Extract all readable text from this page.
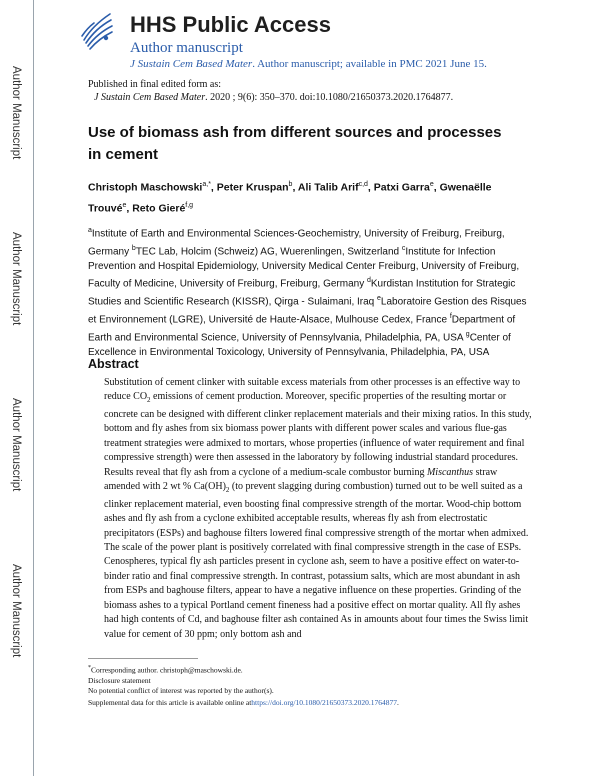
Author Manuscript
Author Manuscript
Author Manuscript
Author Manuscript
HHS Public Access
Author manuscript
J Sustain Cem Based Mater. Author manuscript; available in PMC 2021 June 15.
Published in final edited form as:
J Sustain Cem Based Mater. 2020 ; 9(6): 350–370. doi:10.1080/21650373.2020.1764877.
Use of biomass ash from different sources and processes in cement
Christoph Maschowski$^{a,*}$, Peter Kruspan$^b$, Ali Talib Arif$^{c,d}$, Patxi Garra$^e$, Gwenaëlle Trouvé$^e$, Reto Gieré$^{f,g}$
$^a$Institute of Earth and Environmental Sciences-Geochemistry, University of Freiburg, Freiburg, Germany $^b$TEC Lab, Holcim (Schweiz) AG, Wuerenlingen, Switzerland $^c$Institute for Infection Prevention and Hospital Epidemiology, University Medical Center Freiburg, University of Freiburg, Faculty of Medicine, University of Freiburg, Freiburg, Germany $^d$Kurdistan Institution for Strategic Studies and Scientific Research (KISSR), Qirga - Sulaimani, Iraq $^e$Laboratoire Gestion des Risques et Environnement (LGRE), Université de Haute-Alsace, Mulhouse Cedex, France $^f$Department of Earth and Environmental Science, University of Pennsylvania, Philadelphia, PA, USA $^g$Center of Excellence in Environmental Toxicology, University of Pennsylvania, Philadelphia, PA, USA
Abstract
Substitution of cement clinker with suitable excess materials from other processes is an effective way to reduce $CO_2$ emissions of cement production. Moreover, specific properties of the resulting mortar or concrete can be designed with different clinker replacement materials and their mixing ratios. In this study, bottom and fly ashes from six biomass power plants with different power scales and various flue-gas treatment strategies were admixed to mortars, whose properties (influence of water requirement and final compressive strength) were then assessed in the laboratory by following industrial standard procedures. Results reveal that fly ash from a cyclone of a medium-scale combustor burning Miscanthus straw amended with 2 wt % $Ca(OH)_2$ (to prevent slagging during combustion) turned out to be well suited as a clinker replacement material, even boosting final compressive strength of the mortar. Wood-chip bottom ashes and fly ash from a cyclone exhibited acceptable results, whereas fly ash from electrostatic precipitators (ESPs) and baghouse filters lowered final compressive strength of the mortar when admixed. The scale of the power plant is positively correlated with final compressive strength in the case of ESPs. Cenospheres, typical fly ash particles present in cyclone ash, seem to have a positive effect on water-to-binder ratio and final compressive strength. In contrast, potassium salts, which are most abundant in ash from ESPs and baghouse filters, appear to have a negative influence on these properties. Grinding of the biomass ashes to a typical Portland cement fineness had a positive effect on mortar quality. All fly ashes had high contents of Cd, and baghouse filter ash contained As in amounts about four times the Swiss limit value for cement of 30 ppm; only bottom ash and
*Corresponding author. christoph@maschowski.de.
Disclosure statement
No potential conflict of interest was reported by the author(s).
Supplemental data for this article is available online athttps://doi.org/10.1080/21650373.2020.1764877.
